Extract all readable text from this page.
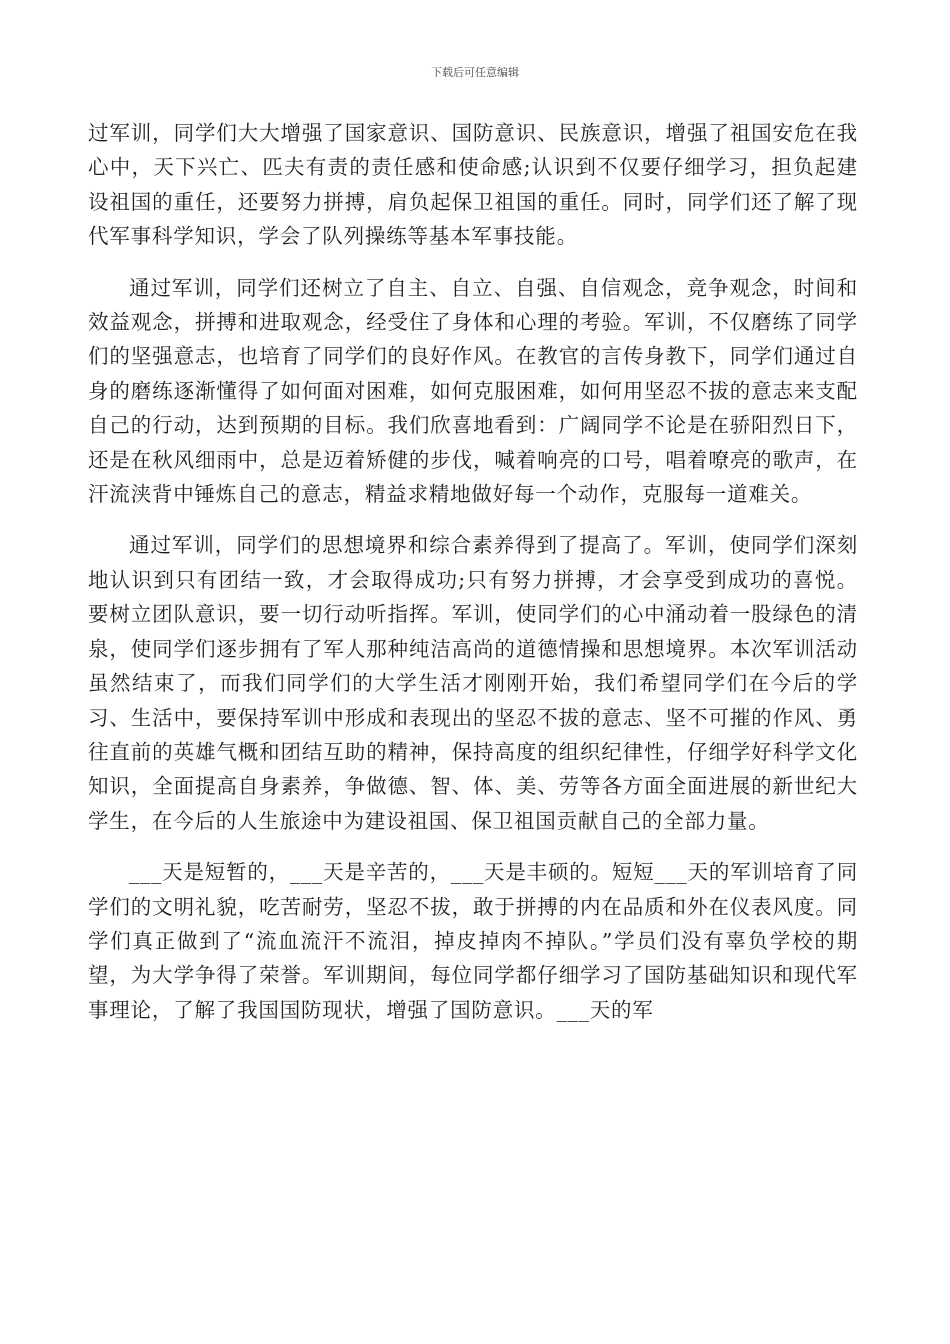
下载后可任意编辑

过军训，同学们大大增强了国家意识、国防意识、民族意识，增强了祖国安危在我心中，天下兴亡、匹夫有责的责任感和使命感;认识到不仅要仔细学习，担负起建设祖国的重任，还要努力拼搏，肩负起保卫祖国的重任。同时，同学们还了解了现代军事科学知识，学会了队列操练等基本军事技能。

通过军训，同学们还树立了自主、自立、自强、自信观念，竞争观念，时间和效益观念，拼搏和进取观念，经受住了身体和心理的考验。军训，不仅磨练了同学们的坚强意志，也培育了同学们的良好作风。在教官的言传身教下，同学们通过自身的磨练逐渐懂得了如何面对困难，如何克服困难，如何用坚忍不拔的意志来支配自己的行动，达到预期的目标。我们欣喜地看到：广阔同学不论是在骄阳烈日下，还是在秋风细雨中，总是迈着矫健的步伐，喊着响亮的口号，唱着嘹亮的歌声，在汗流浃背中锤炼自己的意志，精益求精地做好每一个动作，克服每一道难关。

通过军训，同学们的思想境界和综合素养得到了提高了。军训，使同学们深刻地认识到只有团结一致，才会取得成功;只有努力拼搏，才会享受到成功的喜悦。要树立团队意识，要一切行动听指挥。军训，使同学们的心中涌动着一股绿色的清泉，使同学们逐步拥有了军人那种纯洁高尚的道德情操和思想境界。本次军训活动虽然结束了，而我们同学们的大学生活才刚刚开始，我们希望同学们在今后的学习、生活中，要保持军训中形成和表现出的坚忍不拔的意志、坚不可摧的作风、勇往直前的英雄气概和团结互助的精神，保持高度的组织纪律性，仔细学好科学文化知识，全面提高自身素养，争做德、智、体、美、劳等各方面全面进展的新世纪大学生，在今后的人生旅途中为建设祖国、保卫祖国贡献自己的全部力量。

___天是短暂的，___天是辛苦的，___天是丰硕的。短短___天的军训培育了同学们的文明礼貌，吃苦耐劳，坚忍不拔，敢于拼搏的内在品质和外在仪表风度。同学们真正做到了“流血流汗不流泪，掉皮掉肉不掉队。”学员们没有辜负学校的期望，为大学争得了荣誉。军训期间，每位同学都仔细学习了国防基础知识和现代军事理论，了解了我国国防现状，增强了国防意识。___天的军
